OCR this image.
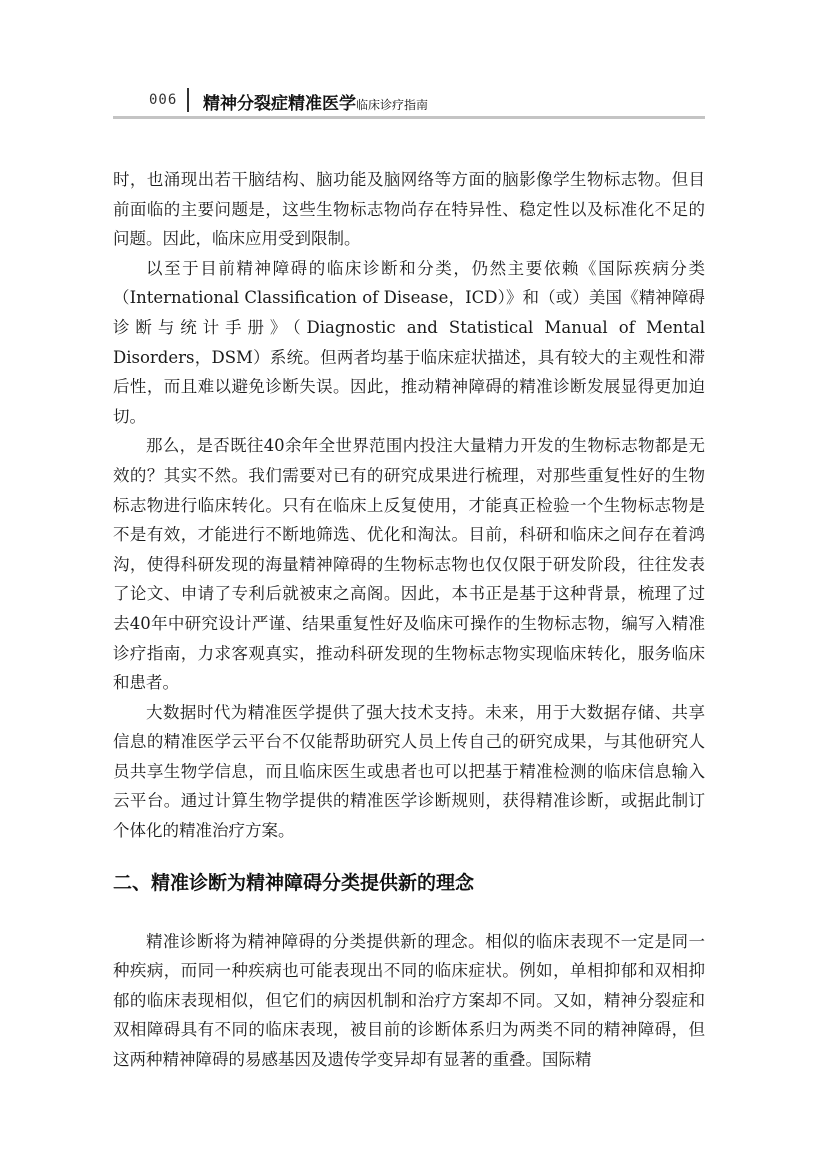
006 精神分裂症精准医学临床诊疗指南

时，也涌现出若干脑结构、脑功能及脑网络等方面的脑影像学生物标志物。但目前面临的主要问题是，这些生物标志物尚存在特异性、稳定性以及标准化不足的问题。因此，临床应用受到限制。

以至于目前精神障碍的临床诊断和分类，仍然主要依赖《国际疾病分类（International Classification of Disease，ICD）》和（或）美国《精神障碍诊断与统计手册》（Diagnostic and Statistical Manual of Mental Disorders，DSM）系统。但两者均基于临床症状描述，具有较大的主观性和滞后性，而且难以避免诊断失误。因此，推动精神障碍的精准诊断发展显得更加迫切。

那么，是否既往40余年全世界范围内投注大量精力开发的生物标志物都是无效的？其实不然。我们需要对已有的研究成果进行梳理，对那些重复性好的生物标志物进行临床转化。只有在临床上反复使用，才能真正检验一个生物标志物是不是有效，才能进行不断地筛选、优化和淘汰。目前，科研和临床之间存在着鸿沟，使得科研发现的海量精神障碍的生物标志物也仅仅限于研发阶段，往往发表了论文、申请了专利后就被束之高阁。因此，本书正是基于这种背景，梳理了过去40年中研究设计严谨、结果重复性好及临床可操作的生物标志物，编写入精准诊疗指南，力求客观真实，推动科研发现的生物标志物实现临床转化，服务临床和患者。

大数据时代为精准医学提供了强大技术支持。未来，用于大数据存储、共享信息的精准医学云平台不仅能帮助研究人员上传自己的研究成果，与其他研究人员共享生物学信息，而且临床医生或患者也可以把基于精准检测的临床信息输入云平台。通过计算生物学提供的精准医学诊断规则，获得精准诊断，或据此制订个体化的精准治疗方案。

二、精准诊断为精神障碍分类提供新的理念

精准诊断将为精神障碍的分类提供新的理念。相似的临床表现不一定是同一种疾病，而同一种疾病也可能表现出不同的临床症状。例如，单相抑郁和双相抑郁的临床表现相似，但它们的病因机制和治疗方案却不同。又如，精神分裂症和双相障碍具有不同的临床表现，被目前的诊断体系归为两类不同的精神障碍，但这两种精神障碍的易感基因及遗传学变异却有显著的重叠。国际精
